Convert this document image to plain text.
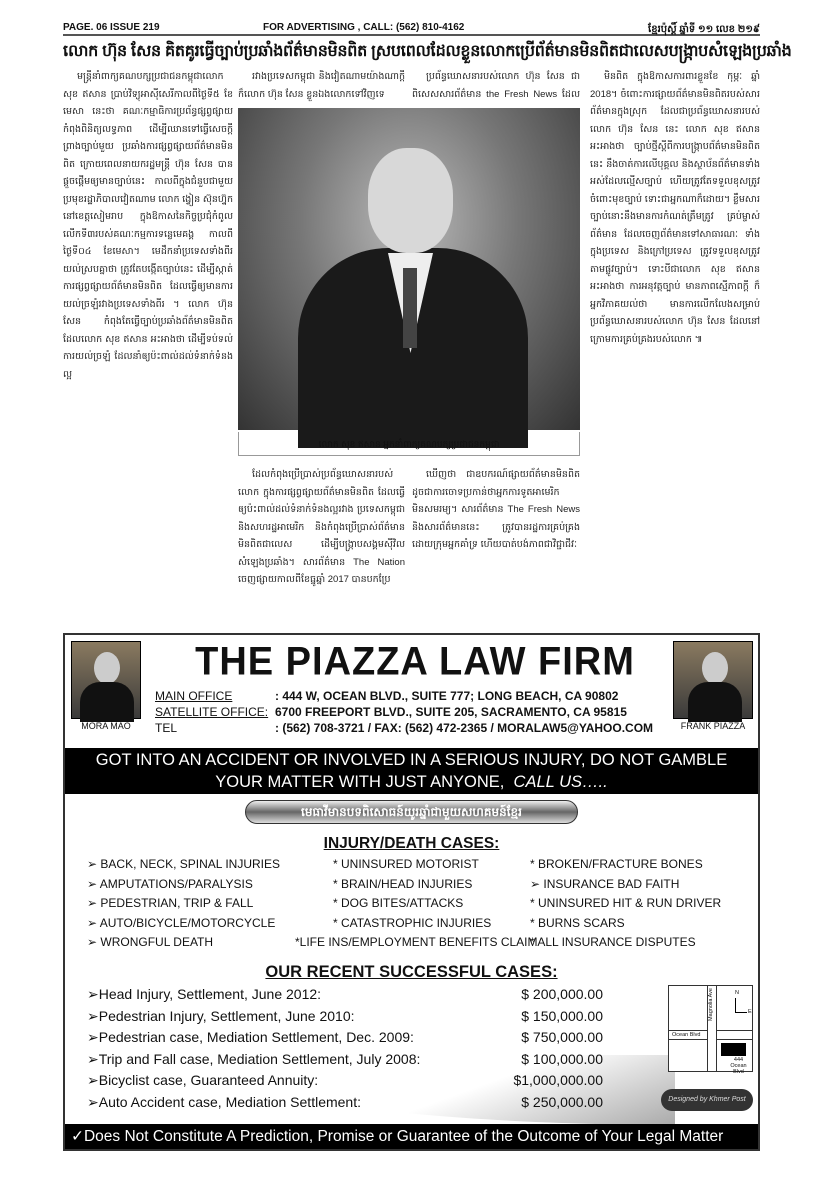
PAGE. 06 ISSUE 219	FOR ADVERTISING , CALL: (562) 810-4162	ខ្មែរប៉ុស្ដិ៍ ឆ្នាំទី ១១ លេខ ២១៩
លោក ហ៊ុន សែន គិតគូរធ្វើច្បាប់ប្រឆាំងព័ត៌មានមិនពិត ស្របពេលដែលខ្លួនលោកប្រើព័ត៌មានមិនពិតជាលេសបង្ក្រាបសំឡេងប្រឆាំង

មន្ត្រីនាំពាក្យគណបក្សប្រជាជនកម្ពុជាលោក សុខ ឥសាន ប្រាប់វិទ្យុអាស៊ីសេរីកាលពីថ្ងៃទី៥ ខែមេសា នេះថា គណៈកម្មាធិការប្រព័ន្ធផ្សព្វផ្សាយ កំពុងពិនិត្យលទ្ធភាព ដើម្បីឈានទៅធ្វើសេចក្ដីព្រាងច្បាប់មួយ ប្រឆាំងការផ្សព្វផ្សាយព័ត៌មានមិនពិត ក្រោយពេលនាយករដ្ឋមន្ត្រី ហ៊ុន សែន បានផ្ដួចផ្ដើមឲ្យមានច្បាប់នេះ កាលពីក្នុងជំនួបជាមួយប្រមុខរដ្ឋាភិបាលវៀតណាម លោក ង្វៀន ស៊ុនហ្វ៊ុក នៅខេត្តសៀមរាប ក្នុងឱកាសនៃកិច្ចប្រជុំកំពូលលើកទី៣របស់គណៈកម្មការទន្លេមេគង្គ កាលពីថ្ងៃទី០៤ ខែមេសា។ មេដឹកនាំប្រទេសទាំងពីរ យល់ស្របគ្នាថា ត្រូវតែបង្កើតច្បាប់នេះ ដើម្បីស្កាត់ការផ្សព្វផ្សាយព័ត៌មានមិនពិត ដែលធ្វើឲ្យមានការយល់ច្រឡំរវាងប្រទេសទាំងពីរ ។ លោក ហ៊ុន សែន កំពុងតែធ្វើច្បាប់ប្រឆាំងព័ត៌មានមិនពិត ដែលលោក សុខ ឥសាន អះអាងថា ដើម្បីទប់ទល់ការយល់ច្រឡំ ដែលនាំឲ្យប៉ះពាល់ដល់ទំនាក់ទំនងល្អ

រវាងប្រទេសកម្ពុជា និងវៀតណាមយ៉ាងណាក្ដី ក៏លោក ហ៊ុន សែន ខ្លួនឯងលោកទៅវិញទេ

ប្រព័ន្ធឃោសនារបស់លោក ហ៊ុន សែន ជាពិសេសសារព័ត៌មាន the Fresh News ដែល

លោក សុខ ឥសាន អ្នកនាំពាក្យគណបក្សប្រជាជនកម្ពុជា

ដែលកំពុងប្រើប្រាស់ប្រព័ន្ធឃោសនារបស់លោក ក្នុងការផ្សព្វផ្សាយព័ត៌មានមិនពិត ដែលធ្វើឲ្យប៉ះពាល់ដល់ទំនាក់ទំនងល្អរវាង ប្រទេសកម្ពុជា និងសហរដ្ឋអាមេរិក និងកំពុងប្រើប្រាស់ព័ត៌មានមិនពិតជាលេស ដើម្បីបង្ក្រាបសង្គមស៊ីវិល សំឡេងប្រឆាំង។ សារព័ត៌មាន The Nation ចេញផ្សាយកាលពីខែធ្នូឆ្នាំ 2017 បានបកប្រែ

ឃើញថា ជាឧបករណ៍ផ្សាយព័ត៌មានមិនពិត ដូចជាការចោទប្រកាន់ថាអ្នកការទូតអាមេរិក មិនសមរម្យ។ សារព័ត៌មាន The Fresh News និងសារព័ត៌មាននេះ ត្រូវបានរដ្ឋការគ្រប់គ្រងដោយក្រុមអ្នកគាំទ្រ ហើយបាត់បង់ភាពជាវិជ្ជាជីវៈ

មិនពិត ក្នុងឱកាសការពារខ្លួនខែ កុម្ភៈ ឆ្នាំ 2018។ ចំពោះការផ្សាយព័ត៌មានមិនពិតរបស់សារព័ត៌មានក្នុងស្រុក ដែលជាប្រព័ន្ធឃោសនារបស់លោក ហ៊ុន សែន នេះ លោក សុខ ឥសាន អះអាងថា ច្បាប់ថ្មីស្ដីពីការបង្ក្រាបព័ត៌មានមិនពិតនេះ នឹងចាត់ការលើបុគ្គល និងស្ថាប័នព័ត៌មានទាំងអស់ដែលល្មើសច្បាប់ ហើយត្រូវតែទទួលខុសត្រូវចំពោះមុខច្បាប់ ទោះជាអ្នកណាក៏ដោយ។ ខ្លឹមសារច្បាប់នោះនឹងមានការកំណត់ត្រឹមត្រូវ គ្រប់ម្ចាស់ព័ត៌មាន ដែលចេញព័ត៌មានទៅសាធារណៈ ទាំងក្នុងប្រទេស និងក្រៅប្រទេស ត្រូវទទួលខុសត្រូវតាមផ្លូវច្បាប់។ ទោះបីជាលោក សុខ ឥសាន អះអាងថា ការអនុវត្តច្បាប់ មានភាពស្មើភាពក្ដី ក៏អ្នកវិភាគយល់ថា មានការលើកលែងសម្រាប់ប្រព័ន្ធឃោសនារបស់លោក ហ៊ុន សែន ដែលនៅក្រោមការគ្រប់គ្រងរបស់លោក ៕

MORA MAO	FRANK PIAZZA
THE PIAZZA LAW FIRM
MAIN OFFICE	: 444 W, OCEAN BLVD., SUITE 777; LONG BEACH, CA 90802
SATELLITE OFFICE: 6700 FREEPORT BLVD., SUITE 205, SACRAMENTO, CA 95815
TEL	: (562) 708-3721 / FAX: (562) 472-2365 / MORALAW5@YAHOO.COM
GOT INTO AN ACCIDENT OR INVOLVED IN A SERIOUS INJURY, DO NOT GAMBLE
YOUR MATTER WITH JUST ANYONE, CALL US…..
មេធាវីមានបទពិសោធន៍យូរឆ្នាំជាមួយសហគមន៍ខ្មែរ
INJURY/DEATH CASES:
➢ BACK, NECK, SPINAL INJURIES
➢ AMPUTATIONS/PARALYSIS
➢ PEDESTRIAN, TRIP & FALL
➢ AUTO/BICYCLE/MOTORCYCLE
➢ WRONGFUL DEATH
* UNINSURED MOTORIST
* BRAIN/HEAD INJURIES
* DOG BITES/ATTACKS
* CATASTROPHIC INJURIES
*LIFE INS/EMPLOYMENT BENEFITS CLAIM
* BROKEN/FRACTURE BONES
➢ INSURANCE BAD FAITH
* UNINSURED HIT & RUN DRIVER
* BURNS SCARS
* ALL INSURANCE DISPUTES
OUR RECENT SUCCESSFUL CASES:
➢Head Injury, Settlement, June 2012:	$ 200,000.00
➢Pedestrian Injury, Settlement, June 2010:	$ 150,000.00
➢Pedestrian case, Mediation Settlement, Dec. 2009:	$ 750,000.00
➢Trip and Fall case, Mediation Settlement, July 2008:	$ 100,000.00
➢Bicyclist case, Guaranteed Annuity:	$1,000,000.00
➢Auto Accident case, Mediation Settlement:	$ 250,000.00
Magnolia Ave
Ocean Blvd
N
E
444
Ocean Blvd
Designed by Khmer Post
✓Does Not Constitute A Prediction, Promise or Guarantee of the Outcome of Your Legal Matter
